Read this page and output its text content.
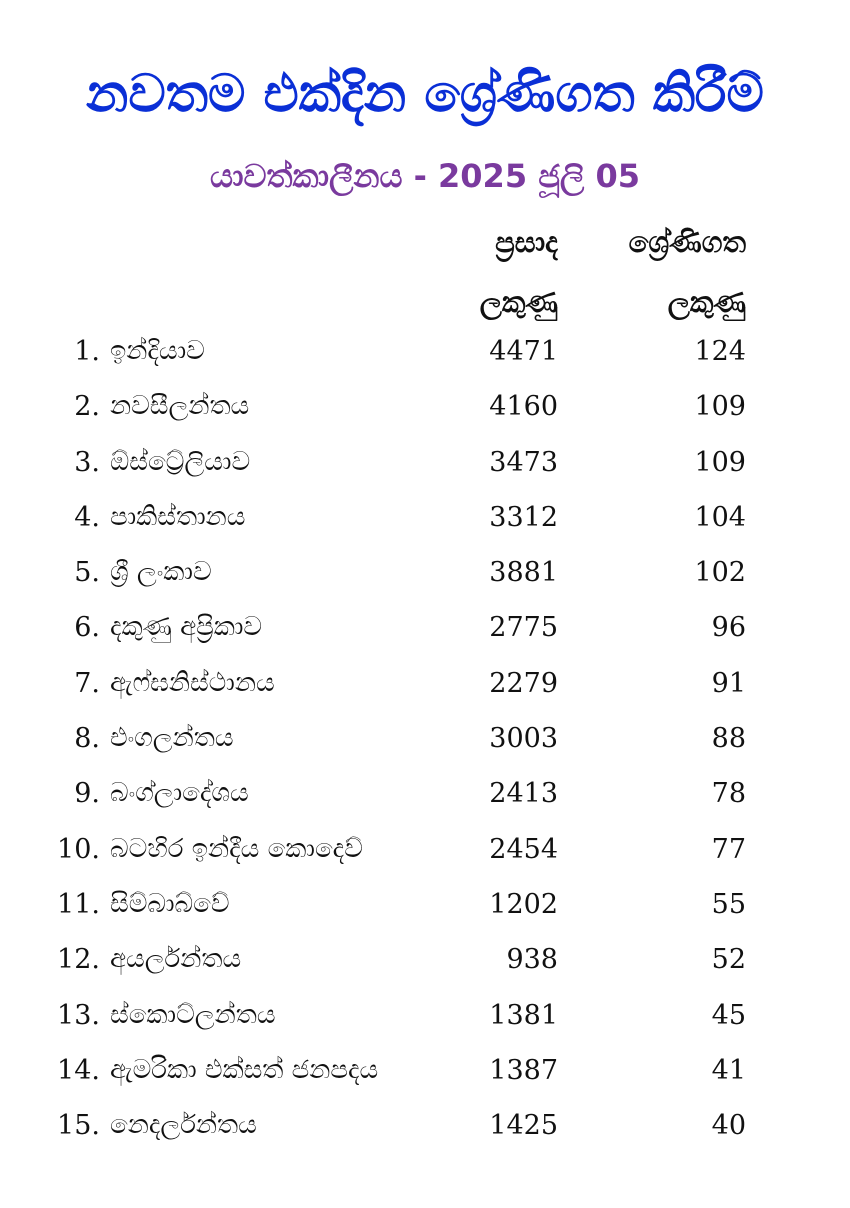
නවතම එක්දින ශ්‍රේණිගත කිරීම්
යාවත්කාලීනය - 2025 ජූලි 05
ප්‍රසාද
ලකුණු
ශ්‍රේණිගත
ලකුණු
1. ඉන්දියාව	4471	124
2. නවසීලන්තය	4160	109
3. ඕස්ට්‍රේලියාව	3473	109
4. පාකිස්තානය	3312	104
5. ශ්‍රී ලංකාව	3881	102
6. දකුණු අප්‍රිකාව	2775	96
7. ඇෆ්ඝනිස්ථානය	2279	91
8. එංගලන්තය	3003	88
9. බංග්ලාදේශය	2413	78
10. බටහිර ඉන්දීය කොදෙව්	2454	77
11. සිම්බාබ්වේ	1202	55
12. අයර්ලන්තය	938	52
13. ස්කොට්ලන්තය	1381	45
14. ඇමරිකා එක්සත් ජනපදය	1387	41
15. නෙදර්ලන්තය	1425	40
